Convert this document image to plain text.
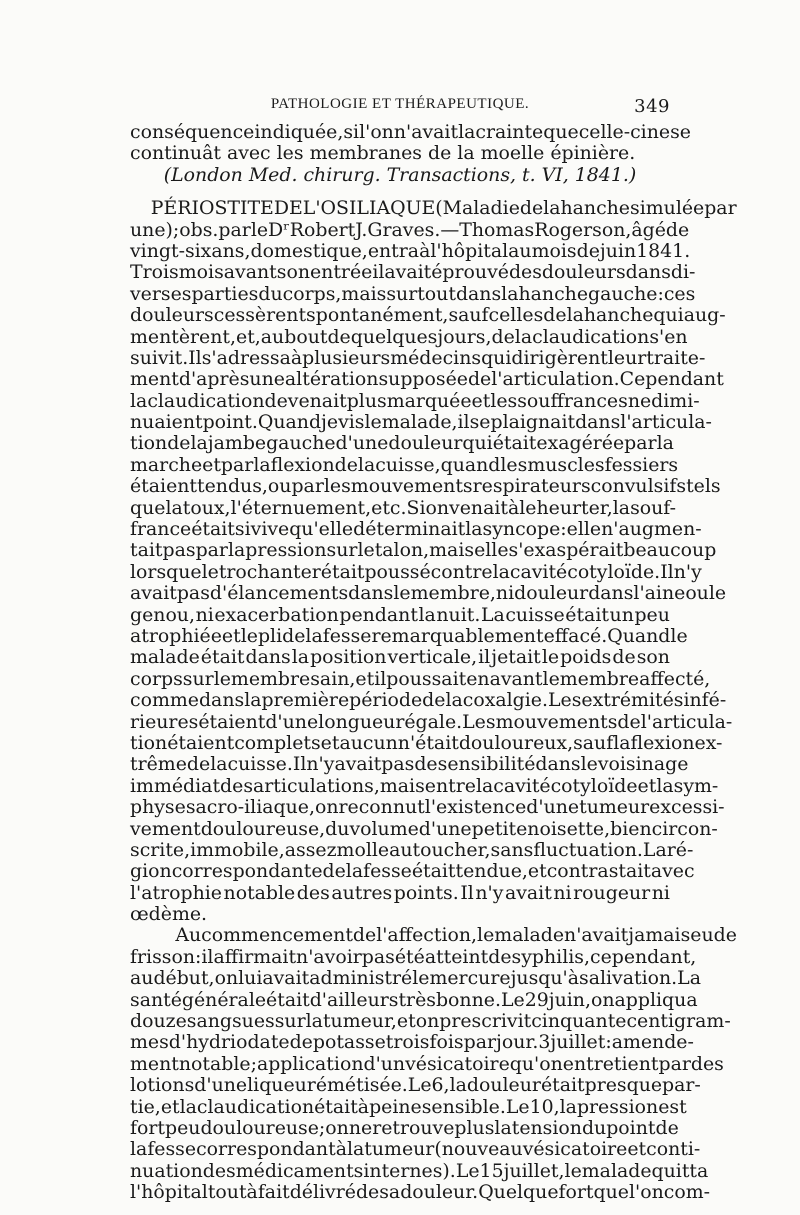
PATHOLOGIE ET THÉRAPEUTIQUE.	349
conséquence indiquée, si l'on n'avait la crainte que celle-ci ne se
continuât avec les membranes de la moelle épinière.
(London Med. chirurg. Transactions, t. VI, 1841.)
PÉRIOSTITE DE L'OS ILIAQUE (Maladie de la hanche simulée par
une); obs. par le Dʳ Robert J. Graves. — Thomas Rogerson, âgé de
vingt-six ans, domestique, entra à l'hôpital au mois de juin 1841.
Trois mois avant son entrée il avait éprouvé des douleurs dans di-
verses parties du corps, mais surtout dans la hanche gauche : ces
douleurs cessèrent spontanément, saufcelles de la hanche qui aug-
mentèrent, et, au bout de quelques jours, de la claudication s'en
suivit. Il s'adressa à plusieurs médecins qui dirigèrent leur traite-
ment d'après une altération supposée de l'articulation. Cependant
la claudication devenait plus marquée et les souffrances ne dimi-
nuaient point. Quand je vis le malade, il se plaignait dans l'articula-
tion de la jambe gauche d'une douleur qui était exagérée par la
marche et par la flexion de la cuisse, quand les muscles fessiers
étaient tendus, ou par les mouvements respirateurs convulsifs tels
que la toux, l'éternuement, etc. Si on venait à le heurter, la souf-
france était si vive qu'elle déterminait la syncope : elle n'augmen-
tait pas par la pression sur le talon, mais elle s'exaspérait beaucoup
lorsque le trochanter était poussé contre la cavité cotyloïde. Il n'y
avait pas d'élancements dans le membre, ni douleur dans l'aine ou le
genou, ni exacerbation pendant la nuit. La cuisse était un peu
atrophiée et le pli de la fesse remarquablement effacé. Quand le
malade était dans la position verticale, il jetait le poids de son
corps sur le membre sain, et il poussait en avant le membre affecté,
comme dans la première période de la coxalgie. Les extrémités infé-
rieures étaient d'une longueur égale. Les mouvements de l'articula-
tion étaient complets et aucun n'était douloureux, sauf la flexion ex-
trême de la cuisse. Il n'y avait pas de sensibilité dans le voisinage
immédiat des articulations, mais entre la cavité cotyloïde et la sym-
physe sacro-iliaque, on reconnut l'existence d'une tumeur excessi-
vement douloureuse, du volume d'une petite noisette, bien circon-
scrite, immobile, assez molle au toucher, sans fluctuation. La ré-
gion correspondante de la fesse était tendue, et contrastait avec
l'atrophie notable des autres points. Il n'y avait ni rougeur ni
œdème.
Au commencement de l'affection, le malade n'avait jamais eu de
frisson : il affirmait n'avoir pas été atteint de syphilis, cependant,
au début, on lui avait administré le mercure jusqu'à salivation. La
santé générale était d'ailleurs très bonne. Le 29 juin, on appliqua
douze sangsues sur la tumeur, et on prescrivit cinquante centigram-
mes d'hydriodate de potasse trois fois par jour. 3 juillet : amende-
ment notable; application d'un vésicatoire qu'on entretient par des
lotions d'une liqueur émétisée. Le 6, la douleur était presque par-
tie, et la claudication était à peine sensible. Le 10, la pression est
fort peu douloureuse; on ne retrouve plus la tension du point de
la fesse correspondant à la tumeur (nouveau vésicatoire et conti-
nuation des médicaments internes). Le 15 juillet, le malade quitta
l'hôpital tout à fait délivré de sa douleur. Quelque fort que l'on com-
